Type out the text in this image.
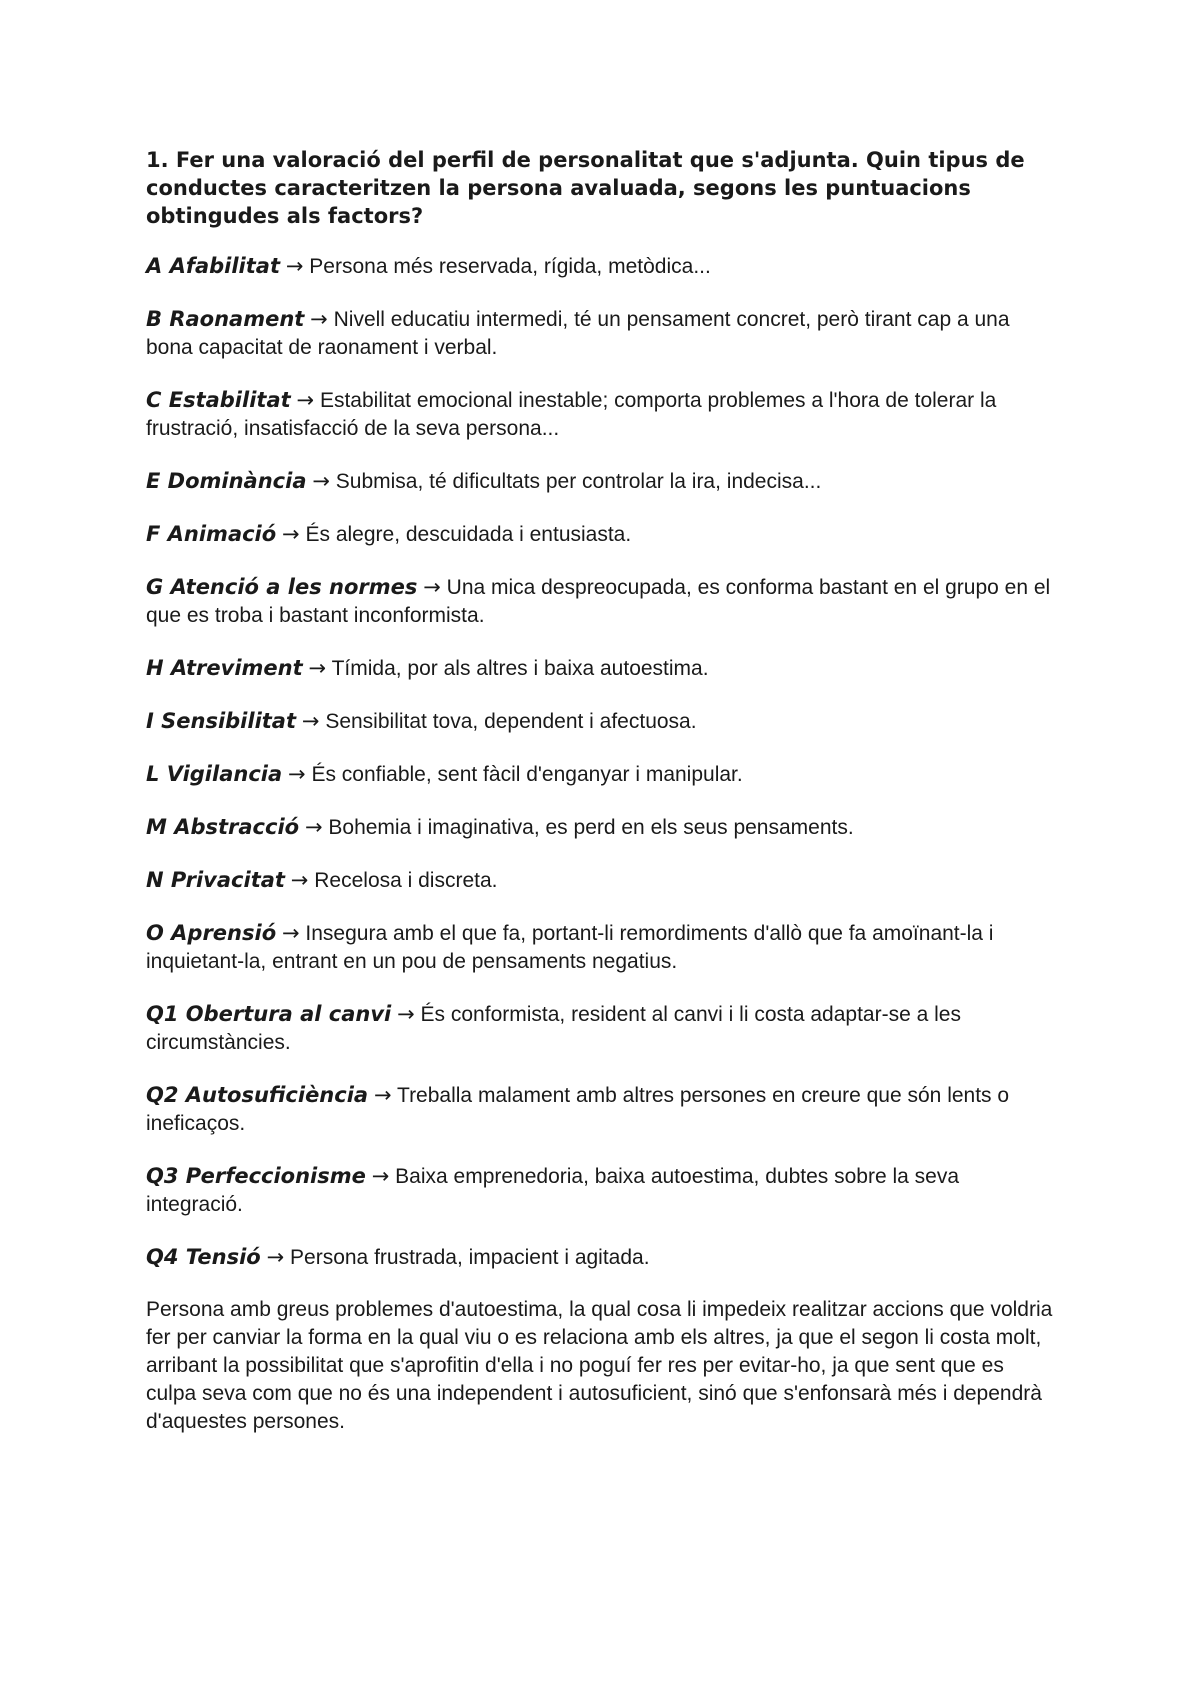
1. Fer una valoració del perfil de personalitat que s'adjunta. Quin tipus de conductes caracteritzen la persona avaluada, segons les puntuacions obtingudes als factors?

A Afabilitat → Persona més reservada, rígida, metòdica...

B Raonament → Nivell educatiu intermedi, té un pensament concret, però tirant cap a una bona capacitat de raonament i verbal.

C Estabilitat → Estabilitat emocional inestable; comporta problemes a l'hora de tolerar la frustració, insatisfacció de la seva persona...

E Dominància → Submisa, té dificultats per controlar la ira, indecisa...

F Animació → És alegre, descuidada i entusiasta.

G Atenció a les normes → Una mica despreocupada, es conforma bastant en el grupo en el que es troba i bastant inconformista.

H Atreviment → Tímida, por als altres i baixa autoestima.

I Sensibilitat → Sensibilitat tova, dependent i afectuosa.

L Vigilancia → És confiable, sent fàcil d'enganyar i manipular.

M Abstracció → Bohemia i imaginativa, es perd en els seus pensaments.

N Privacitat → Recelosa i discreta.

O Aprensió → Insegura amb el que fa, portant-li remordiments d'allò que fa amoïnant-la i inquietant-la, entrant en un pou de pensaments negatius.

Q1 Obertura al canvi → És conformista, resident al canvi i li costa adaptar-se a les circumstàncies.

Q2 Autosuficiència → Treballa malament amb altres persones en creure que són lents o ineficaços.

Q3 Perfeccionisme → Baixa emprenedoria, baixa autoestima, dubtes sobre la seva integració.

Q4 Tensió → Persona frustrada, impacient i agitada.

Persona amb greus problemes d'autoestima, la qual cosa li impedeix realitzar accions que voldria fer per canviar la forma en la qual viu o es relaciona amb els altres, ja que el segon li costa molt, arribant la possibilitat que s'aprofitin d'ella i no poguí fer res per evitar-ho, ja que sent que es culpa seva com que no és una independent i autosuficient, sinó que s'enfonsarà més i dependrà d'aquestes persones.
